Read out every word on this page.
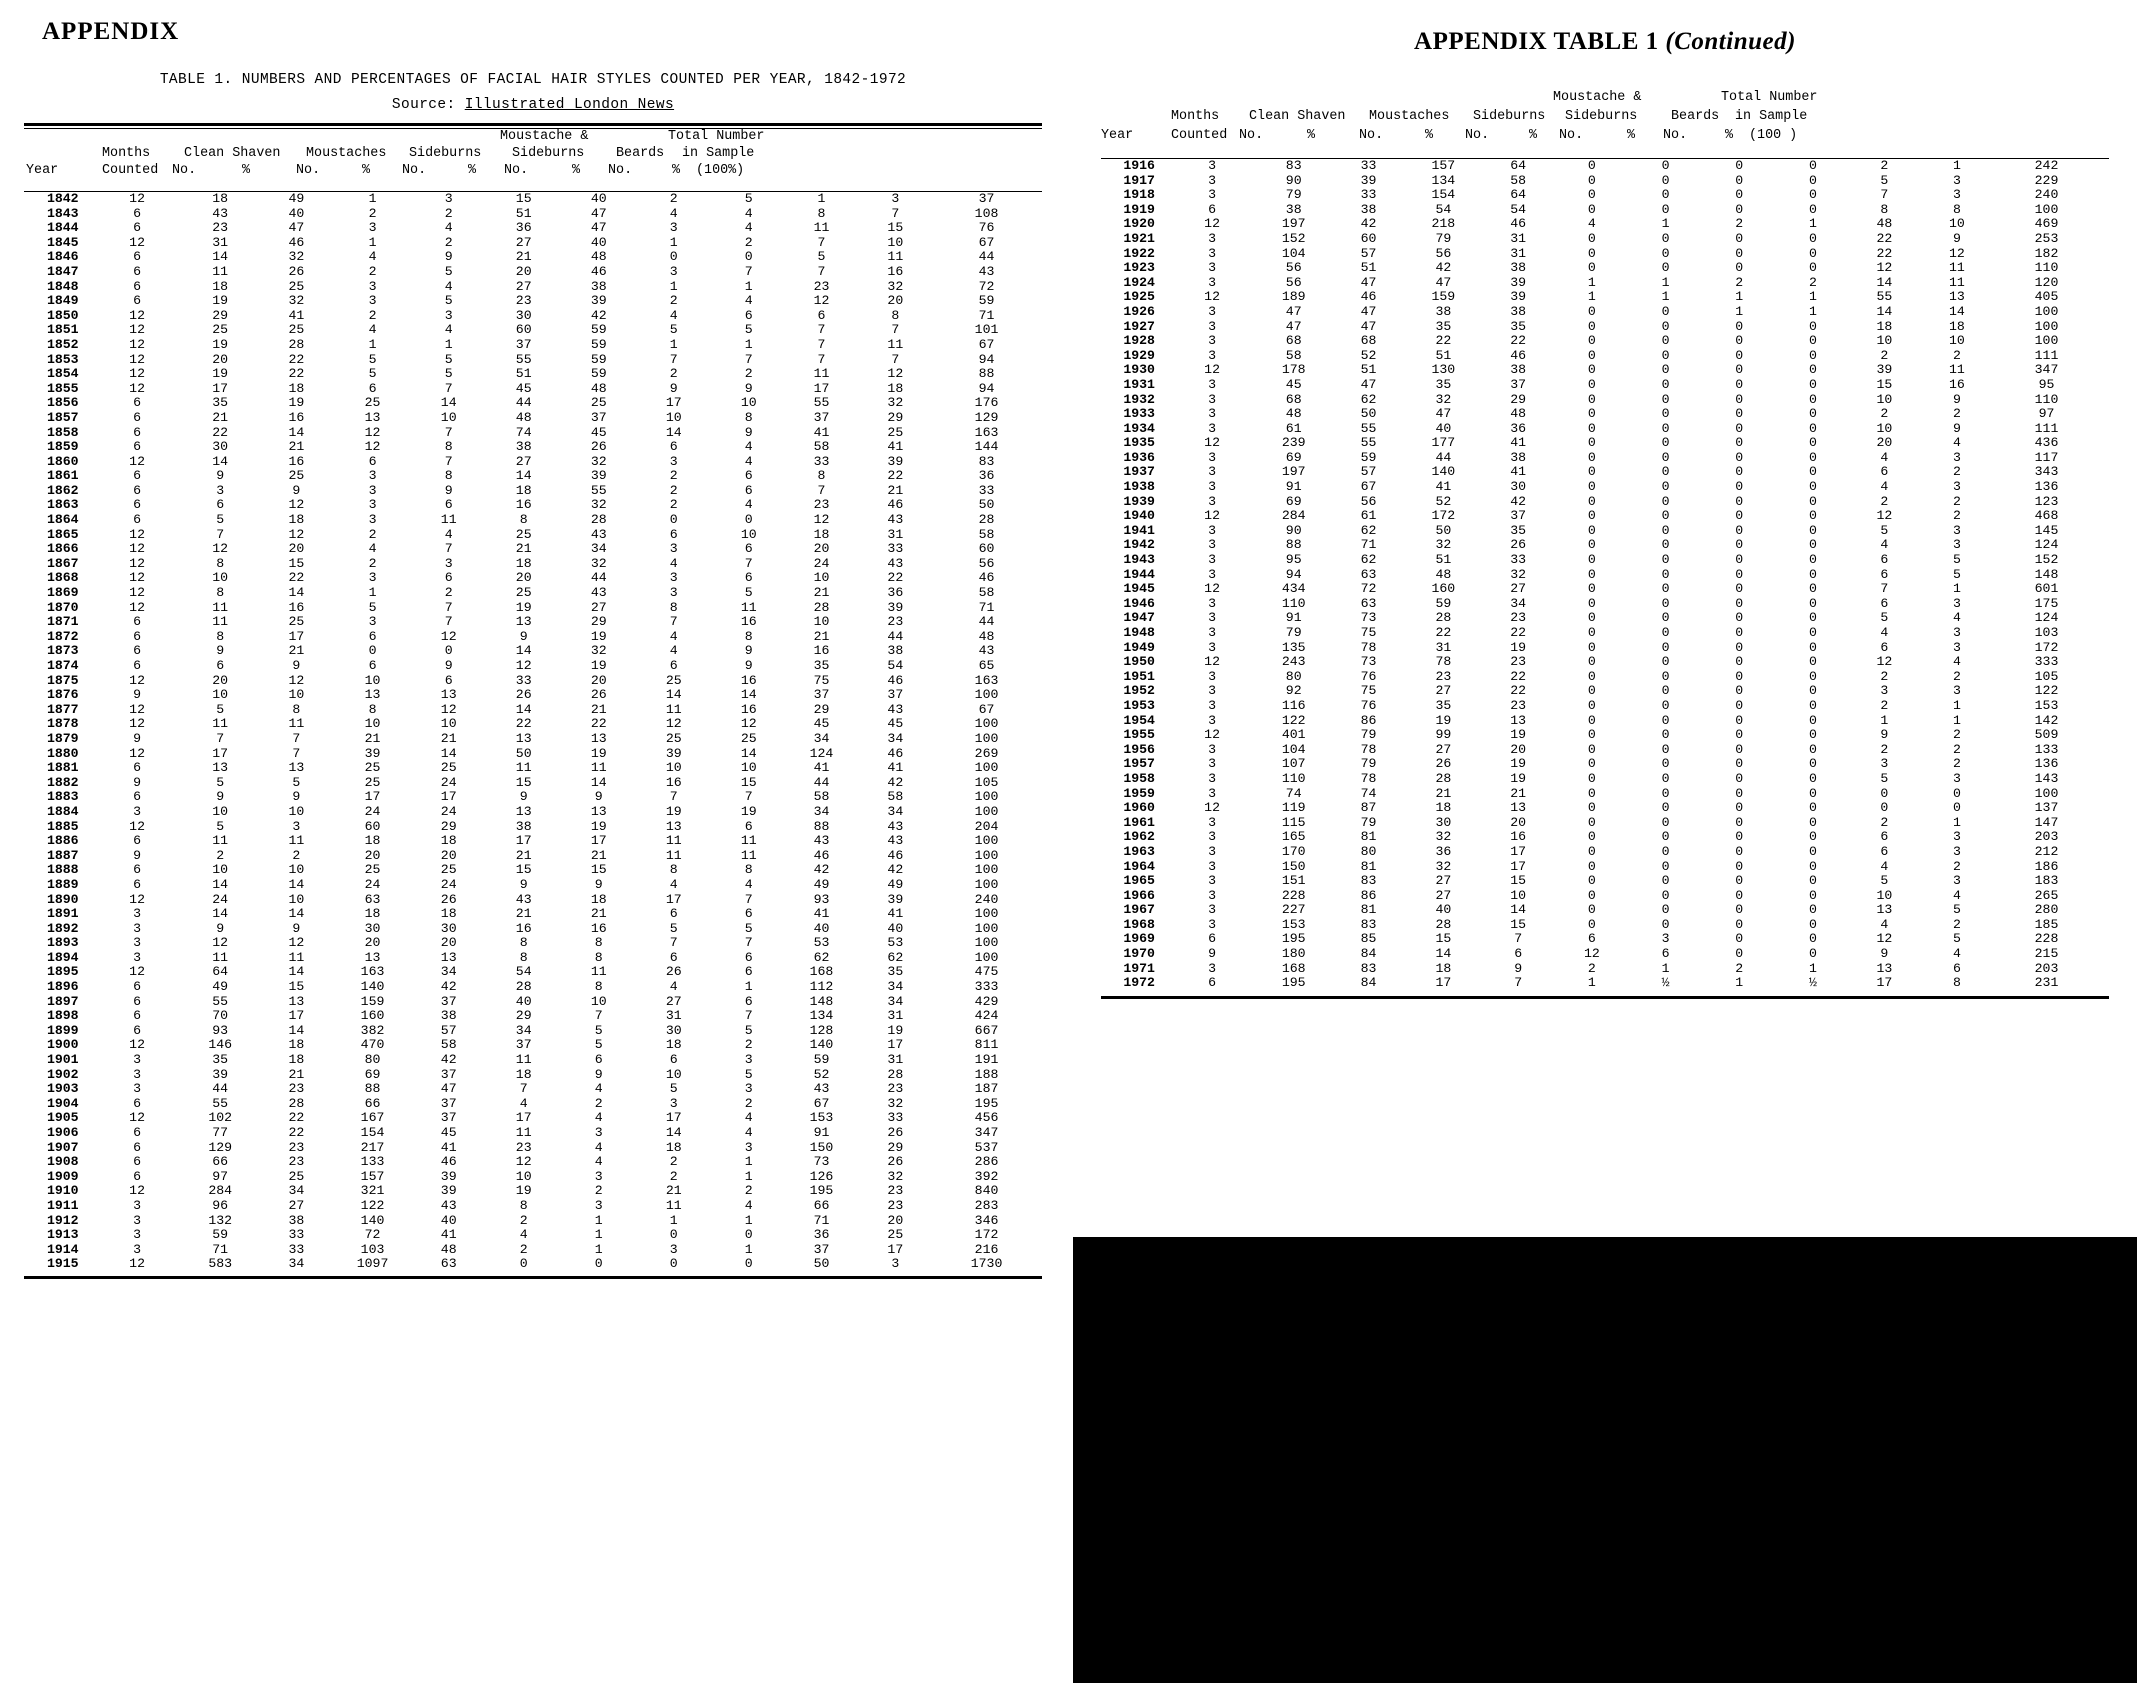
APPENDIX
TABLE 1. NUMBERS AND PERCENTAGES OF FACIAL HAIR STYLES COUNTED PER YEAR, 1842-1972
Source: Illustrated London News
Moustache &	Total Number
Months	Clean Shaven Moustaches Sideburns Sideburns Beards in Sample
Year	Counted No.	%	No.	% No.	% No.	% No.	% (100%)
1842	12	18	49	1	3	15	40	2	5	1	3	37
1843	6	43	40	2	2	51	47	4	4	8	7	108
1844	6	23	47	3	4	36	47	3	4	11	15	76
1845	12	31	46	1	2	27	40	1	2	7	10	67
1846	6	14	32	4	9	21	48	0	0	5	11	44
1847	6	11	26	2	5	20	46	3	7	7	16	43
1848	6	18	25	3	4	27	38	1	1	23	32	72
1849	6	19	32	3	5	23	39	2	4	12	20	59
1850	12	29	41	2	3	30	42	4	6	6	8	71
1851	12	25	25	4	4	60	59	5	5	7	7	101
1852	12	19	28	1	1	37	59	1	1	7	11	67
1853	12	20	22	5	5	55	59	7	7	7	7	94
1854	12	19	22	5	5	51	59	2	2	11	12	88
1855	12	17	18	6	7	45	48	9	9	17	18	94
1856	6	35	19	25	14	44	25	17	10	55	32	176
1857	6	21	16	13	10	48	37	10	8	37	29	129
1858	6	22	14	12	7	74	45	14	9	41	25	163
1859	6	30	21	12	8	38	26	6	4	58	41	144
1860	12	14	16	6	7	27	32	3	4	33	39	83
1861	6	9	25	3	8	14	39	2	6	8	22	36
1862	6	3	9	3	9	18	55	2	6	7	21	33
1863	6	6	12	3	6	16	32	2	4	23	46	50
1864	6	5	18	3	11	8	28	0	0	12	43	28
1865	12	7	12	2	4	25	43	6	10	18	31	58
1866	12	12	20	4	7	21	34	3	6	20	33	60
1867	12	8	15	2	3	18	32	4	7	24	43	56
1868	12	10	22	3	6	20	44	3	6	10	22	46
1869	12	8	14	1	2	25	43	3	5	21	36	58
1870	12	11	16	5	7	19	27	8	11	28	39	71
1871	6	11	25	3	7	13	29	7	16	10	23	44
1872	6	8	17	6	12	9	19	4	8	21	44	48
1873	6	9	21	0	0	14	32	4	9	16	38	43
1874	6	6	9	6	9	12	19	6	9	35	54	65
1875	12	20	12	10	6	33	20	25	16	75	46	163
1876	9	10	10	13	13	26	26	14	14	37	37	100
1877	12	5	8	8	12	14	21	11	16	29	43	67
1878	12	11	11	10	10	22	22	12	12	45	45	100
1879	9	7	7	21	21	13	13	25	25	34	34	100
1880	12	17	7	39	14	50	19	39	14	124	46	269
1881	6	13	13	25	25	11	11	10	10	41	41	100
1882	9	5	5	25	24	15	14	16	15	44	42	105
1883	6	9	9	17	17	9	9	7	7	58	58	100
1884	3	10	10	24	24	13	13	19	19	34	34	100
1885	12	5	3	60	29	38	19	13	6	88	43	204
1886	6	11	11	18	18	17	17	11	11	43	43	100
1887	9	2	2	20	20	21	21	11	11	46	46	100
1888	6	10	10	25	25	15	15	8	8	42	42	100
1889	6	14	14	24	24	9	9	4	4	49	49	100
1890	12	24	10	63	26	43	18	17	7	93	39	240
1891	3	14	14	18	18	21	21	6	6	41	41	100
1892	3	9	9	30	30	16	16	5	5	40	40	100
1893	3	12	12	20	20	8	8	7	7	53	53	100
1894	3	11	11	13	13	8	8	6	6	62	62	100
1895	12	64	14	163	34	54	11	26	6	168	35	475
1896	6	49	15	140	42	28	8	4	1	112	34	333
1897	6	55	13	159	37	40	10	27	6	148	34	429
1898	6	70	17	160	38	29	7	31	7	134	31	424
1899	6	93	14	382	57	34	5	30	5	128	19	667
1900	12	146	18	470	58	37	5	18	2	140	17	811
1901	3	35	18	80	42	11	6	6	3	59	31	191
1902	3	39	21	69	37	18	9	10	5	52	28	188
1903	3	44	23	88	47	7	4	5	3	43	23	187
1904	6	55	28	66	37	4	2	3	2	67	32	195
1905	12	102	22	167	37	17	4	17	4	153	33	456
1906	6	77	22	154	45	11	3	14	4	91	26	347
1907	6	129	23	217	41	23	4	18	3	150	29	537
1908	6	66	23	133	46	12	4	2	1	73	26	286
1909	6	97	25	157	39	10	3	2	1	126	32	392
1910	12	284	34	321	39	19	2	21	2	195	23	840
1911	3	96	27	122	43	8	3	11	4	66	23	283
1912	3	132	38	140	40	2	1	1	1	71	20	346
1913	3	59	33	72	41	4	1	0	0	36	25	172
1914	3	71	33	103	48	2	1	3	1	37	17	216
1915	12	583	34	1097	63	0	0	0	0	50	3	1730
APPENDIX TABLE 1 (Continued)
Moustache &	Total Number
Months Clean Shaven Moustaches Sideburns Sideburns	Beards in Sample
Year	Counted No.	%	No.	% No.	% No.	% No.	% (100 )
1916	3	83	33	157	64	0	0	0	0	2	1	242
1917	3	90	39	134	58	0	0	0	0	5	3	229
1918	3	79	33	154	64	0	0	0	0	7	3	240
1919	6	38	38	54	54	0	0	0	0	8	8	100
1920	12	197	42	218	46	4	1	2	1	48	10	469
1921	3	152	60	79	31	0	0	0	0	22	9	253
1922	3	104	57	56	31	0	0	0	0	22	12	182
1923	3	56	51	42	38	0	0	0	0	12	11	110
1924	3	56	47	47	39	1	1	2	2	14	11	120
1925	12	189	46	159	39	1	1	1	1	55	13	405
1926	3	47	47	38	38	0	0	1	1	14	14	100
1927	3	47	47	35	35	0	0	0	0	18	18	100
1928	3	68	68	22	22	0	0	0	0	10	10	100
1929	3	58	52	51	46	0	0	0	0	2	2	111
1930	12	178	51	130	38	0	0	0	0	39	11	347
1931	3	45	47	35	37	0	0	0	0	15	16	95
1932	3	68	62	32	29	0	0	0	0	10	9	110
1933	3	48	50	47	48	0	0	0	0	2	2	97
1934	3	61	55	40	36	0	0	0	0	10	9	111
1935	12	239	55	177	41	0	0	0	0	20	4	436
1936	3	69	59	44	38	0	0	0	0	4	3	117
1937	3	197	57	140	41	0	0	0	0	6	2	343
1938	3	91	67	41	30	0	0	0	0	4	3	136
1939	3	69	56	52	42	0	0	0	0	2	2	123
1940	12	284	61	172	37	0	0	0	0	12	2	468
1941	3	90	62	50	35	0	0	0	0	5	3	145
1942	3	88	71	32	26	0	0	0	0	4	3	124
1943	3	95	62	51	33	0	0	0	0	6	5	152
1944	3	94	63	48	32	0	0	0	0	6	5	148
1945	12	434	72	160	27	0	0	0	0	7	1	601
1946	3	110	63	59	34	0	0	0	0	6	3	175
1947	3	91	73	28	23	0	0	0	0	5	4	124
1948	3	79	75	22	22	0	0	0	0	4	3	103
1949	3	135	78	31	19	0	0	0	0	6	3	172
1950	12	243	73	78	23	0	0	0	0	12	4	333
1951	3	80	76	23	22	0	0	0	0	2	2	105
1952	3	92	75	27	22	0	0	0	0	3	3	122
1953	3	116	76	35	23	0	0	0	0	2	1	153
1954	3	122	86	19	13	0	0	0	0	1	1	142
1955	12	401	79	99	19	0	0	0	0	9	2	509
1956	3	104	78	27	20	0	0	0	0	2	2	133
1957	3	107	79	26	19	0	0	0	0	3	2	136
1958	3	110	78	28	19	0	0	0	0	5	3	143
1959	3	74	74	21	21	0	0	0	0	0	0	100
1960	12	119	87	18	13	0	0	0	0	0	0	137
1961	3	115	79	30	20	0	0	0	0	2	1	147
1962	3	165	81	32	16	0	0	0	0	6	3	203
1963	3	170	80	36	17	0	0	0	0	6	3	212
1964	3	150	81	32	17	0	0	0	0	4	2	186
1965	3	151	83	27	15	0	0	0	0	5	3	183
1966	3	228	86	27	10	0	0	0	0	10	4	265
1967	3	227	81	40	14	0	0	0	0	13	5	280
1968	3	153	83	28	15	0	0	0	0	4	2	185
1969	6	195	85	15	7	6	3	0	0	12	5	228
1970	9	180	84	14	6	12	6	0	0	9	4	215
1971	3	168	83	18	9	2	1	2	1	13	6	203
1972	6	195	84	17	7	1	½	1	½	17	8	231
